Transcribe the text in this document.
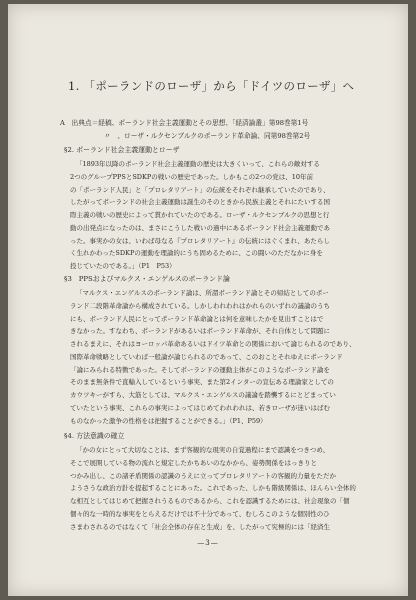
1. 「ポーランドのローザ」から「ドイツのローザ」へ
A　出典点＝経稿、ポーランド社会主義運動とその思想、「経済論叢」第98巻第1号
〃　、ローザ・ルクセンブルクのポーランド革命論、同第98巻第2号
§2. ポーランド社会主義運動とローザ
「1893年以降のポーランド社会主義運動の歴史は大きくいって、これらの敵対する
2つのグループPPSとSDKPの戦いの歴史であった。しかもこの2つの党は、10年前
の「ポーランド人民」と「プロレタリアート」の伝統をそれぞれ継承していたのであり、
したがってポーランドの社会主義運動は誕生のそのときから民族主義とそれにたいする国
際主義の戦いの歴史によって貫かれていたのである。ローザ・ルクセンブルクの思想と行
動の出発点になったのは、まさにこうした戦いの過中にあるポーランド社会主義運動であ
った。事実かの女は、いわば母なる『プロレタリアート』の伝統にはぐくまれ、あたらし
く生れかわったSDKPの運動を理論的にうち固めるために、この闘いのただなかに身を
投じていたのである。」（P1　P53）
§3　PPSおよびマルクス・エンゲルスのポーランド論
「マルクス・エンゲルスのポーランド論は、所謂ポーランド論とその帰結としてのポー
ランド二段階革命論から構成されている。しかしわれわれはかれらのいずれの議論のうち
にも、ポーランド人民にとってポーランド革命論とは何を意味したかを見出すことはで
きなかった。すなわち、ポーランドがあるいはポーランド革命が、それ自体として問題に
されるまえに、それはヨーロッパ革命あるいはドイツ革命との関係において論じられるのであり、
国際革命戦略としていわば一般論が論じられるのであって、このおことそれゆえにポーランド
「論にみられる特徴であった。そしてポーランドの運動主体がこのようなポーランド論を
そのまま無条件で直輸入しているという事実、また第2インターの宣伝ある理論家としての
カウツキーがすら、大筋としては、マルクス・エンゲルスの議論を踏襲するにとどまってい
ていたという事実、これらの事実によってはじめてわれわれは、若きローザが迷いはばむ
ものなかった激争の性格をは把握することができる。」（P1、P59）
§4. 方法意識の確立
「かの女にとって大切なことは、まず客観的な現実の自覚過程にまで認識をつきつめ、
そこで展開している物の流れと規定したかちあいのなかから、姿勢関係をはっきりと
つかみ出し、この諸矛盾関係の認識のうえに立ってプロレタリアートの客観的力量をただか
ようさうな政治方針を提起することにあった。これであった、しかも階級関係は、ほんらい全体的
な相互としてはじめて把握されうるものであるから、これを認識するためには、社会現象の「個
個々的な一時的な事実をとらえるだけでは不十分であって、むしろこのような個別性のひ
さまわされるのではなくて「社会全体の存在と生成」を、したがって究極的には「経済生
—3—
